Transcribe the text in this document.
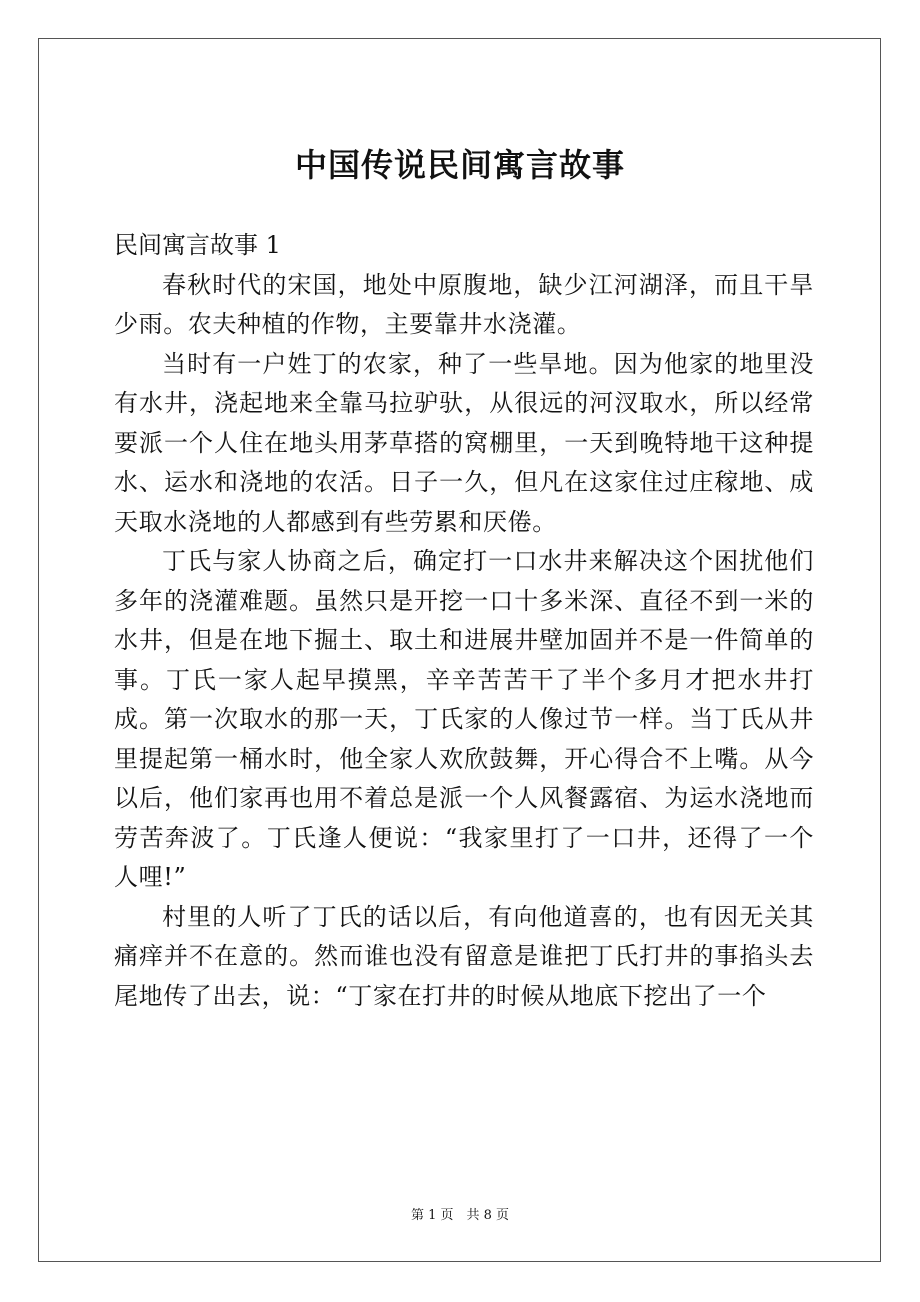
中国传说民间寓言故事

民间寓言故事 1

春秋时代的宋国，地处中原腹地，缺少江河湖泽，而且干旱少雨。农夫种植的作物，主要靠井水浇灌。

当时有一户姓丁的农家，种了一些旱地。因为他家的地里没有水井，浇起地来全靠马拉驴驮，从很远的河汊取水，所以经常要派一个人住在地头用茅草搭的窝棚里，一天到晚特地干这种提水、运水和浇地的农活。日子一久，但凡在这家住过庄稼地、成天取水浇地的人都感到有些劳累和厌倦。

丁氏与家人协商之后，确定打一口水井来解决这个困扰他们多年的浇灌难题。虽然只是开挖一口十多米深、直径不到一米的水井，但是在地下掘土、取土和进展井壁加固并不是一件简单的事。丁氏一家人起早摸黑，辛辛苦苦干了半个多月才把水井打成。第一次取水的那一天，丁氏家的人像过节一样。当丁氏从井里提起第一桶水时，他全家人欢欣鼓舞，开心得合不上嘴。从今以后，他们家再也用不着总是派一个人风餐露宿、为运水浇地而劳苦奔波了。丁氏逢人便说：“我家里打了一口井，还得了一个人哩!”

村里的人听了丁氏的话以后，有向他道喜的，也有因无关其痛痒并不在意的。然而谁也没有留意是谁把丁氏打井的事掐头去尾地传了出去，说：“丁家在打井的时候从地底下挖出了一个

第 1 页　共 8 页
